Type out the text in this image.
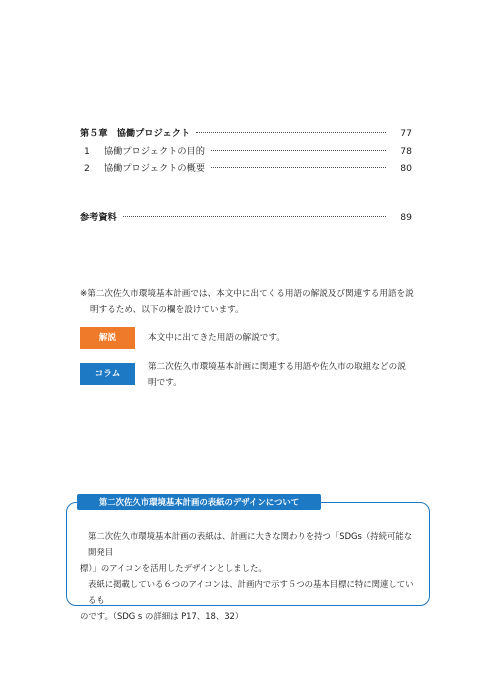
第５章　協働プロジェクト	77
1	協働プロジェクトの目的	78
2	協働プロジェクトの概要	80
参考資料	89
※第二次佐久市環境基本計画では、本文中に出てくる用語の解説及び関連する用語を説
明するため、以下の欄を設けています。
解説	本文中に出てきた用語の解説です。
コラム
第二次佐久市環境基本計画に関連する用語や佐久市の取組などの説
明です。
第二次佐久市環境基本計画の表紙のデザインについて
第二次佐久市環境基本計画の表紙は、計画に大きな関わりを持つ「SDGs（持続可能な開発目
標）」のアイコンを活用したデザインとしました。
表紙に掲載している６つのアイコンは、計画内で示す５つの基本目標に特に関連しているも
のです。（SDG s の詳細は P17、18、32）
